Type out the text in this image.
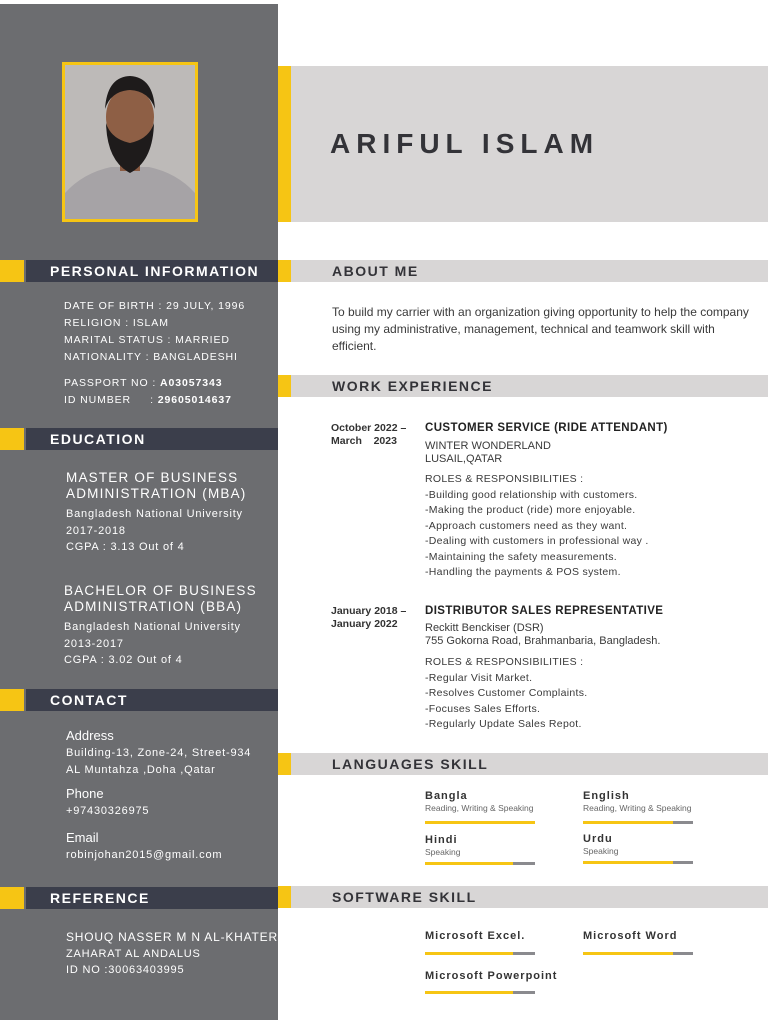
PERSONAL INFORMATION
DATE OF BIRTH : 29 JULY, 1996
RELIGION : ISLAM
MARITAL STATUS : MARRIED
NATIONALITY : BANGLADESHI
PASSPORT NO : A03057343
ID NUMBER     : 29605014637
EDUCATION
MASTER OF BUSINESS
ADMINISTRATION (MBA)
Bangladesh National University
2017-2018
CGPA : 3.13 Out of 4
BACHELOR OF BUSINESS
ADMINISTRATION (BBA)
Bangladesh National University
2013-2017
CGPA : 3.02 Out of 4
CONTACT
Address
Building-13, Zone-24, Street-934
AL Muntahza ,Doha ,Qatar
Phone
+97430326975
Email
robinjohan2015@gmail.com
REFERENCE
SHOUQ NASSER M N AL-KHATER
ZAHARAT AL ANDALUS
ID NO :30063403995
ARIFUL ISLAM
ABOUT ME
To build my carrier with an organization giving opportunity to help the company using my administrative, management, technical and teamwork skill with efficient.
WORK EXPERIENCE
October 2022 –
March    2023
CUSTOMER SERVICE (RIDE ATTENDANT)
WINTER WONDERLAND
LUSAIL,QATAR
ROLES & RESPONSIBILITIES :
-Building good relationship with customers.
-Making the product (ride) more enjoyable.
-Approach customers need as they want.
-Dealing with customers in professional way .
-Maintaining the safety measurements.
-Handling the payments & POS system.
January 2018 –
January 2022
DISTRIBUTOR SALES REPRESENTATIVE
Reckitt Benckiser (DSR)
755 Gokorna Road, Brahmanbaria, Bangladesh.
ROLES & RESPONSIBILITIES :
-Regular Visit Market.
-Resolves Customer Complaints.
-Focuses Sales Efforts.
-Regularly Update Sales Repot.
LANGUAGES SKILL
Bangla
Reading, Writing & Speaking
English
Reading, Writing & Speaking
Hindi
Speaking
Urdu
Speaking
SOFTWARE SKILL
Microsoft Excel.	Microsoft Word
Microsoft Powerpoint
